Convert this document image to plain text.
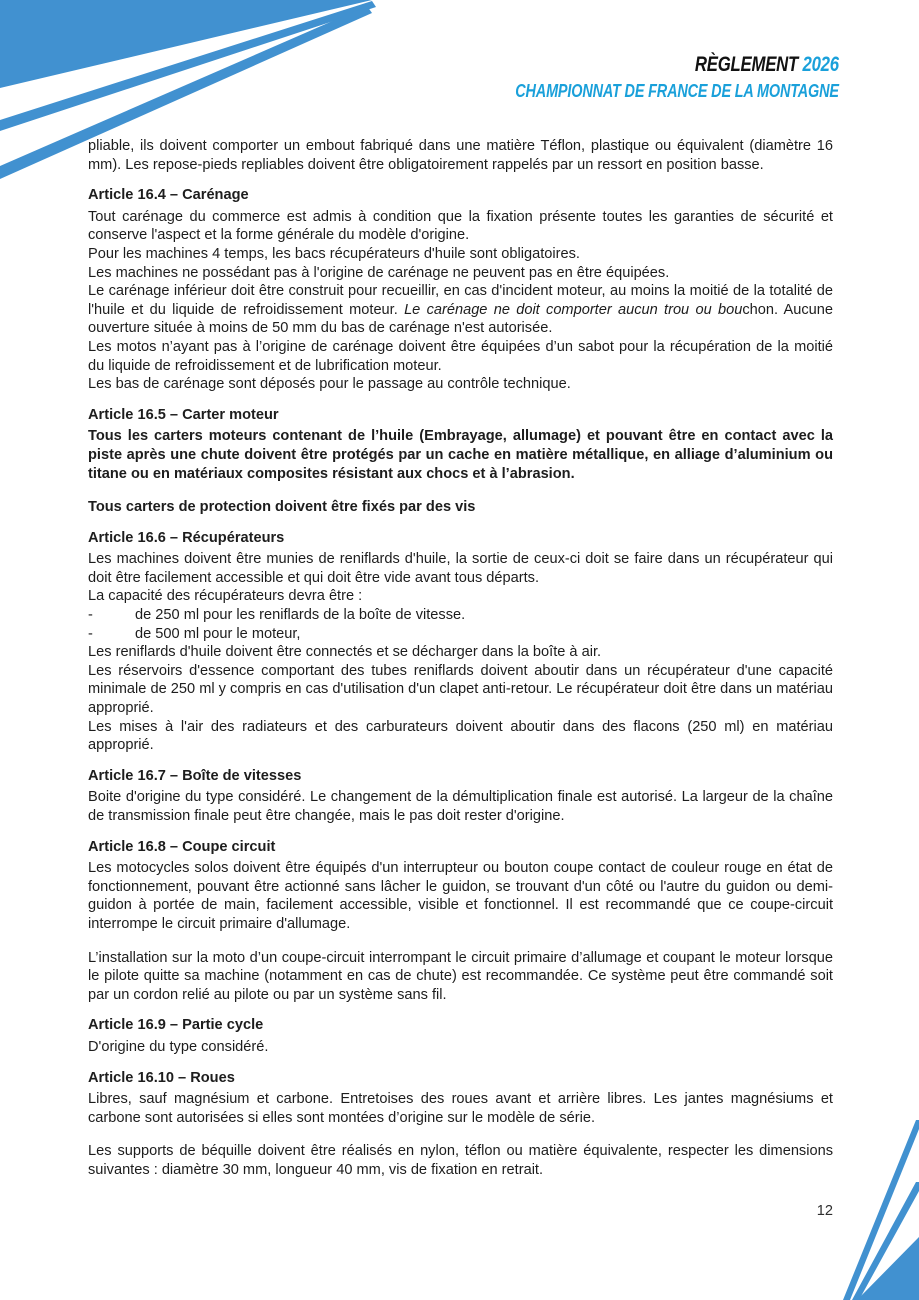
RÈGLEMENT 2026
CHAMPIONNAT DE FRANCE DE LA MONTAGNE

pliable, ils doivent comporter un embout fabriqué dans une matière Téflon, plastique ou équivalent (diamètre 16 mm). Les repose-pieds repliables doivent être obligatoirement rappelés par un ressort en position basse.

Article 16.4 – Carénage

Tout carénage du commerce est admis à condition que la fixation présente toutes les garanties de sécurité et conserve l'aspect et la forme générale du modèle d'origine.

Pour les machines 4 temps, les bacs récupérateurs d'huile sont obligatoires.

Les machines ne possédant pas à l'origine de carénage ne peuvent pas en être équipées.

Le carénage inférieur doit être construit pour recueillir, en cas d'incident moteur, au moins la moitié de la totalité de l'huile et du liquide de refroidissement moteur. Le carénage ne doit comporter aucun trou ou bouchon. Aucune ouverture située à moins de 50 mm du bas de carénage n'est autorisée.

Les motos n’ayant pas à l’origine de carénage doivent être équipées d’un sabot pour la récupération de la moitié du liquide de refroidissement et de lubrification moteur.

Les bas de carénage sont déposés pour le passage au contrôle technique.

Article 16.5 – Carter moteur

Tous les carters moteurs contenant de l’huile (Embrayage, allumage) et pouvant être en contact avec la piste après une chute doivent être protégés par un cache en matière métallique, en alliage d’aluminium ou titane ou en matériaux composites résistant aux chocs et à l’abrasion.

Tous carters de protection doivent être fixés par des vis

Article 16.6 – Récupérateurs

Les machines doivent être munies de reniflards d'huile, la sortie de ceux-ci doit se faire dans un récupérateur qui doit être facilement accessible et qui doit être vide avant tous départs.

La capacité des récupérateurs devra être :

-	de 250 ml pour les reniflards de la boîte de vitesse.
-	de 500 ml pour le moteur,

Les reniflards d'huile doivent être connectés et se décharger dans la boîte à air.

Les réservoirs d'essence comportant des tubes reniflards doivent aboutir dans un récupérateur d'une capacité minimale de 250 ml y compris en cas d'utilisation d'un clapet anti-retour. Le récupérateur doit être dans un matériau approprié.

Les mises à l'air des radiateurs et des carburateurs doivent aboutir dans des flacons (250 ml) en matériau approprié.

Article 16.7 – Boîte de vitesses

Boite d'origine du type considéré. Le changement de la démultiplication finale est autorisé. La largeur de la chaîne de transmission finale peut être changée, mais le pas doit rester d'origine.

Article 16.8 – Coupe circuit

Les motocycles solos doivent être équipés d'un interrupteur ou bouton coupe contact de couleur rouge en état de fonctionnement, pouvant être actionné sans lâcher le guidon, se trouvant d'un côté ou l'autre du guidon ou demi-guidon à portée de main, facilement accessible, visible et fonctionnel. Il est recommandé que ce coupe-circuit interrompe le circuit primaire d'allumage.

L’installation sur la moto d’un coupe-circuit interrompant le circuit primaire d’allumage et coupant le moteur lorsque le pilote quitte sa machine (notamment en cas de chute) est recommandée. Ce système peut être commandé soit par un cordon relié au pilote ou par un système sans fil.

Article 16.9 – Partie cycle

D'origine du type considéré.

Article 16.10 – Roues

Libres, sauf magnésium et carbone. Entretoises des roues avant et arrière libres. Les jantes magnésiums et carbone sont autorisées si elles sont montées d’origine sur le modèle de série.

Les supports de béquille doivent être réalisés en nylon, téflon ou matière équivalente, respecter les dimensions suivantes : diamètre 30 mm, longueur 40 mm, vis de fixation en retrait.

12
